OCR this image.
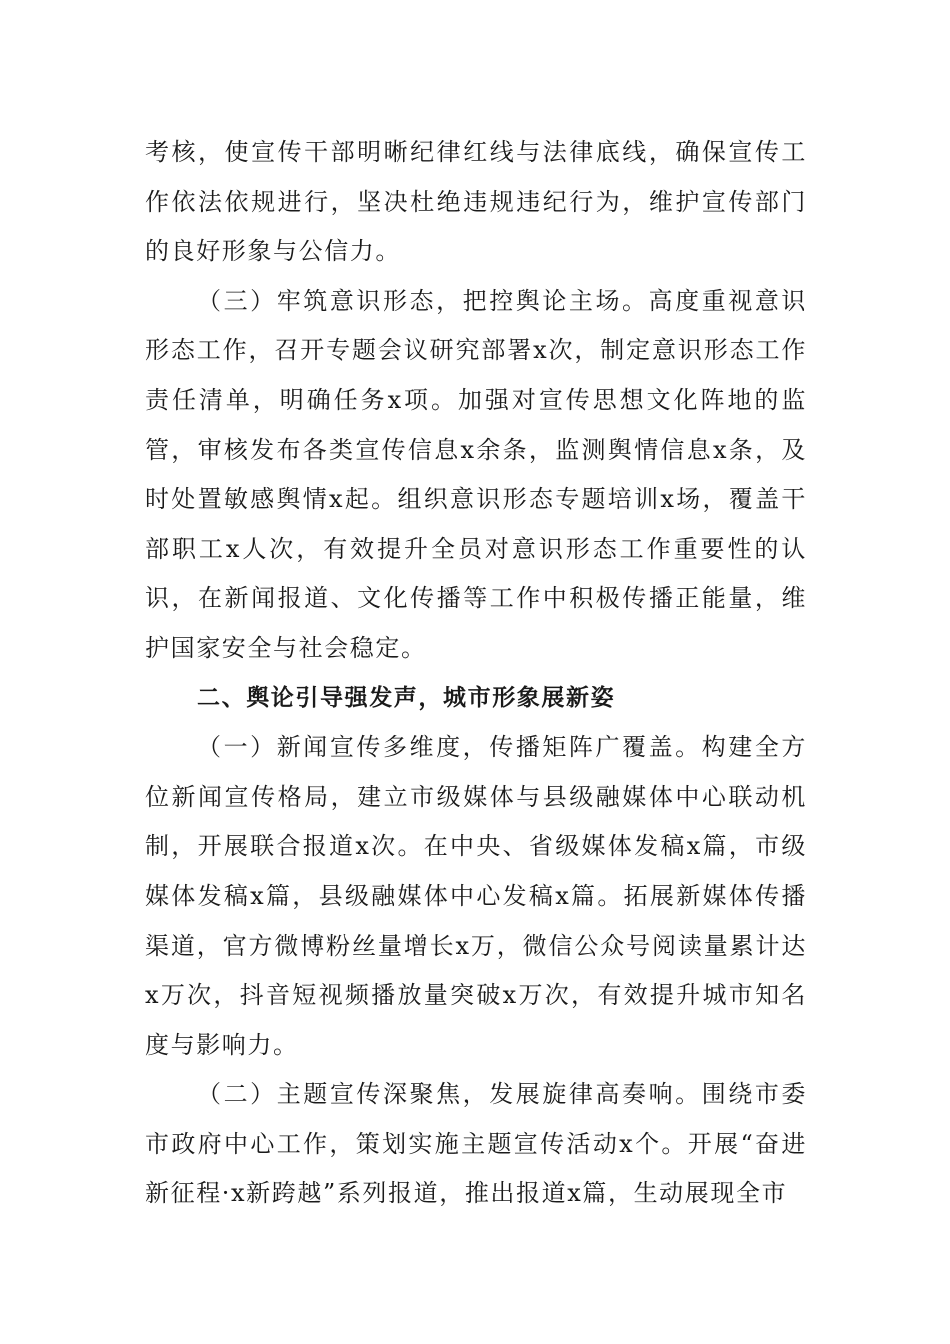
考核，使宣传干部明晰纪律红线与法律底线，确保宣传工作依法依规进行，坚决杜绝违规违纪行为，维护宣传部门的良好形象与公信力。

（三）牢筑意识形态，把控舆论主场。高度重视意识形态工作，召开专题会议研究部署x次，制定意识形态工作责任清单，明确任务x项。加强对宣传思想文化阵地的监管，审核发布各类宣传信息x余条，监测舆情信息x条，及时处置敏感舆情x起。组织意识形态专题培训x场，覆盖干部职工x人次，有效提升全员对意识形态工作重要性的认识，在新闻报道、文化传播等工作中积极传播正能量，维护国家安全与社会稳定。

二、舆论引导强发声，城市形象展新姿

（一）新闻宣传多维度，传播矩阵广覆盖。构建全方位新闻宣传格局，建立市级媒体与县级融媒体中心联动机制，开展联合报道x次。在中央、省级媒体发稿x篇，市级媒体发稿x篇，县级融媒体中心发稿x篇。拓展新媒体传播渠道，官方微博粉丝量增长x万，微信公众号阅读量累计达x万次，抖音短视频播放量突破x万次，有效提升城市知名度与影响力。

（二）主题宣传深聚焦，发展旋律高奏响。围绕市委市政府中心工作，策划实施主题宣传活动x个。开展“奋进新征程·x新跨越”系列报道，推出报道x篇，生动展现全市
